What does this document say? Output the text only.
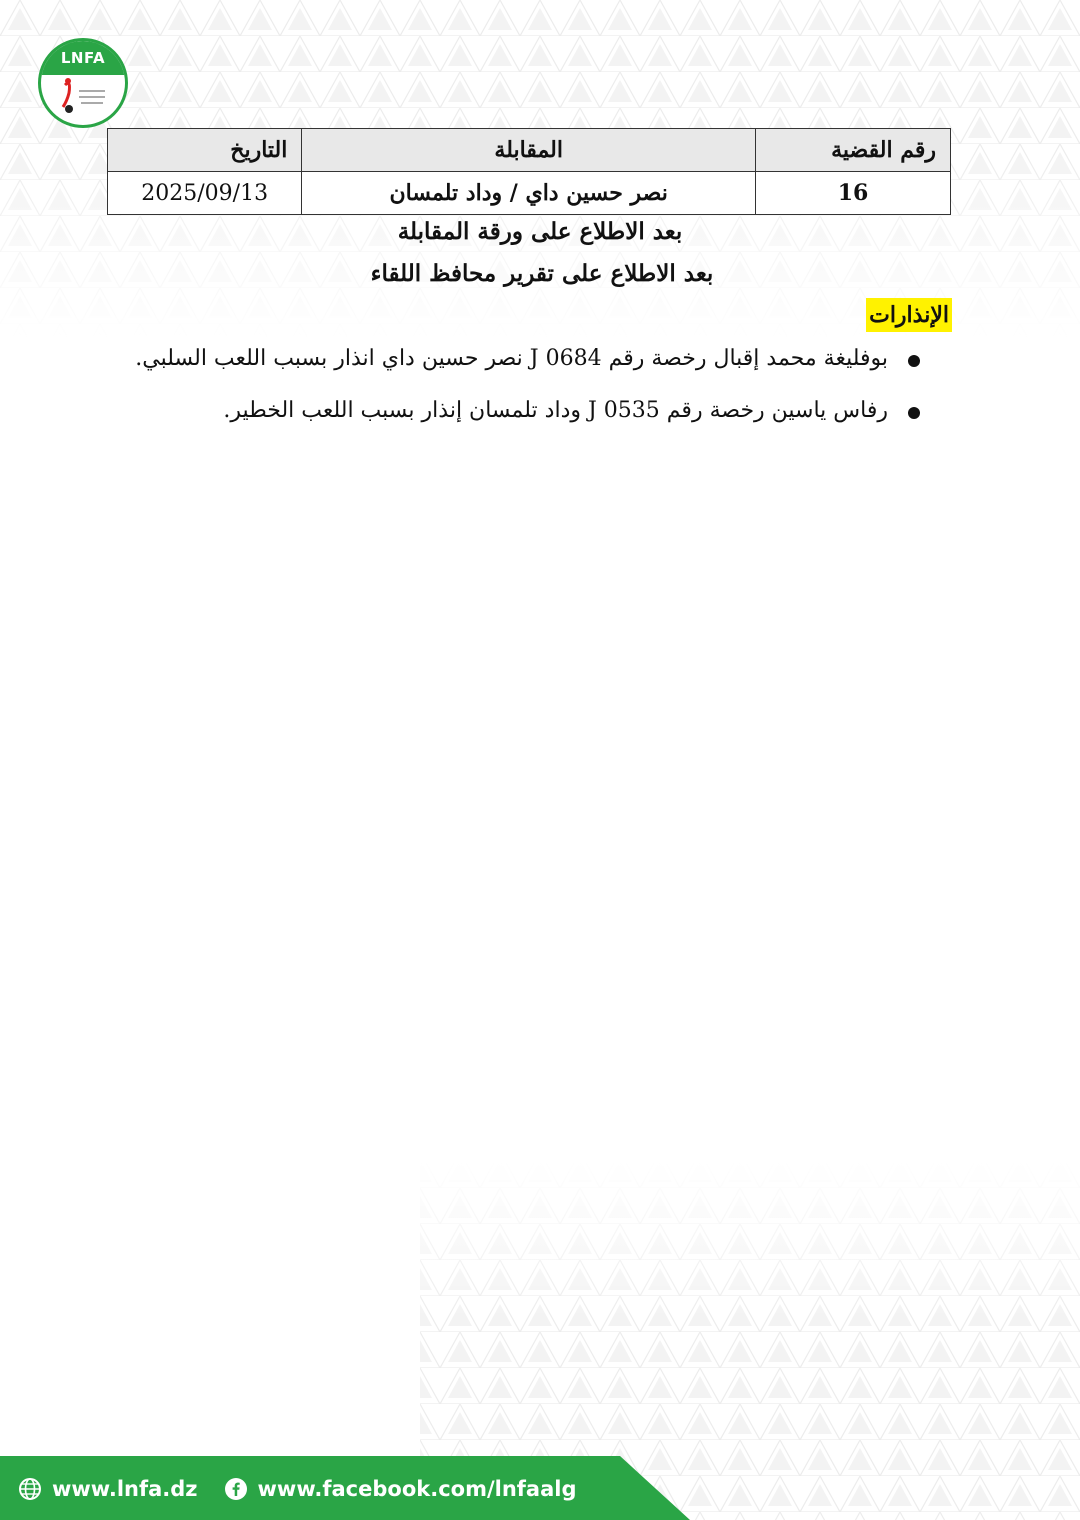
LNFA
رقم القضية	المقابلة	التاريخ
16	نصر حسين داي / وداد تلمسان	2025/09/13
بعد الاطلاع على ورقة المقابلة
بعد الاطلاع على تقرير محافظ اللقاء
الإنذارات
بوفليغة محمد إقبال رخصة رقم J 0684 نصر حسين داي انذار بسبب اللعب السلبي.
رفاس ياسين رخصة رقم J 0535 وداد تلمسان إنذار بسبب اللعب الخطير.
www.lnfa.dz	www.facebook.com/lnfaalg
